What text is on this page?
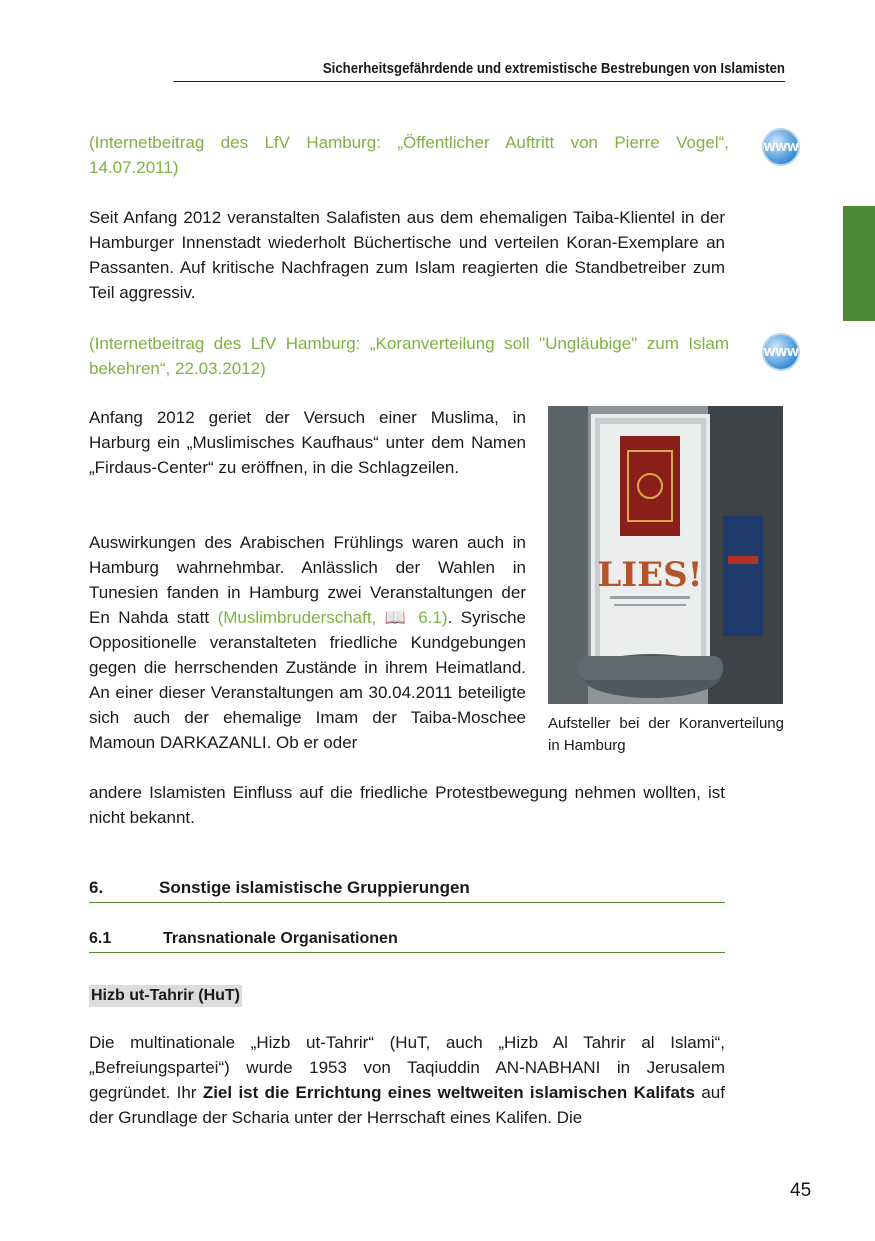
Sicherheitsgefährdende und extremistische Bestrebungen von Islamisten

(Internetbeitrag des LfV Hamburg: „Öffentlicher Auftritt von Pierre Vogel“, 14.07.2011)

WWW

Seit Anfang 2012 veranstalten Salafisten aus dem ehemaligen Taiba-Klientel in der Hamburger Innenstadt wiederholt Büchertische und verteilen Koran-Exemplare an Passanten. Auf kritische Nachfragen zum Islam reagierten die Standbetreiber zum Teil aggressiv.

(Internetbeitrag des LfV Hamburg: „Koranverteilung soll "Ungläubige" zum Islam bekehren“, 22.03.2012)

WWW

Anfang 2012 geriet der Versuch einer Muslima, in Harburg ein „Muslimisches Kaufhaus“ unter dem Namen „Firdaus-Center“ zu eröffnen, in die Schlagzeilen.

Auswirkungen des Arabischen Frühlings waren auch in Hamburg wahrnehmbar. Anlässlich der Wahlen in Tunesien fanden in Hamburg zwei Veranstaltungen der En Nahda statt (Muslimbruderschaft, 📖 6.1). Syrische Oppositionelle veranstalteten friedliche Kundgebungen gegen die herrschenden Zustände in ihrem Heimatland. An einer dieser Veranstaltungen am 30.04.2011 beteiligte sich auch der ehemalige Imam der Taiba-Moschee Mamoun DARKAZANLI. Ob er oder

andere Islamisten Einfluss auf die friedliche Protestbewegung nehmen wollten, ist nicht bekannt.

LIES!

Aufsteller bei der Koranverteilung in Hamburg

6.	Sonstige islamistische Gruppierungen
6.1	Transnationale Organisationen
Hizb ut-Tahrir (HuT)

Die multinationale „Hizb ut-Tahrir“ (HuT, auch „Hizb Al Tahrir al Islami“, „Befreiungspartei“) wurde 1953 von Taqiuddin AN-NABHANI in Jerusalem gegründet. Ihr Ziel ist die Errichtung eines weltweiten islamischen Kalifats auf der Grundlage der Scharia unter der Herrschaft eines Kalifen. Die

45
